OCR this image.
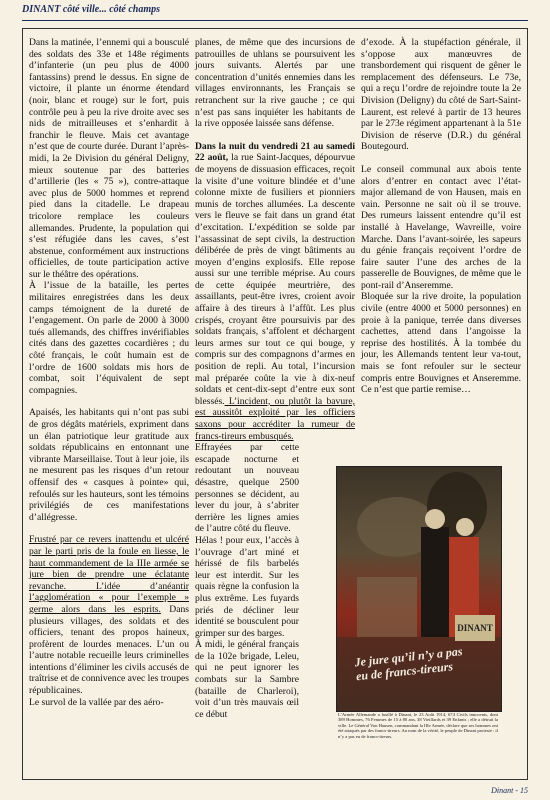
DINANT côté ville... côté champs

Dans la matinée, l’ennemi qui a bousculé des soldats des 33e et 148e régiments d’infanterie (un peu plus de 4000 fantassins) prend le dessus. En signe de victoire, il plante un énorme étendard (noir, blanc et rouge) sur le fort, puis contrôle peu à peu la rive droite avec ses nids de mitrailleuses et s’enhardit à franchir le fleuve. Mais cet avantage n’est que de courte durée. Durant l’après-midi, la 2e Division du général Deligny, mieux soutenue par des batteries d’artillerie (les « 75 »), contre-attaque avec plus de 5000 hommes et reprend pied dans la citadelle. Le drapeau tricolore remplace les couleurs allemandes. Prudente, la population qui s’est réfugiée dans les caves, s’est abstenue, conformément aux instructions officielles, de toute participation active sur le théâtre des opérations.

À l’issue de la bataille, les pertes militaires enregistrées dans les deux camps témoignent de la dureté de l’engagement. On parle de 2000 à 3000 tués allemands, des chiffres invérifiables cités dans des gazettes cocardières ; du côté français, le coût humain est de l’ordre de 1600 soldats mis hors de combat, soit l’équivalent de sept compagnies.

Apaisés, les habitants qui n’ont pas subi de gros dégâts matériels, expriment dans un élan patriotique leur gratitude aux soldats républicains en entonnant une vibrante Marseillaise. Tout à leur joie, ils ne mesurent pas les risques d’un retour offensif des « casques à pointe» qui, refoulés sur les hauteurs, sont les témoins privilégiés de ces manifestations d’allégresse.

Frustré par ce revers inattendu et ulcéré par le parti pris de la foule en liesse, le haut commandement de la IIIe armée se jure bien de prendre une éclatante revanche. L’idée d’anéantir l’agglomération « pour l’exemple » germe alors dans les esprits. Dans plusieurs villages, des soldats et des officiers, tenant des propos haineux, profèrent de lourdes menaces. L’un ou l’autre notable recueille leurs criminelles intentions d’éliminer les civils accusés de traîtrise et de connivence avec les troupes républicaines.

Le survol de la vallée par des aéro-

planes, de même que des incursions de patrouilles de uhlans se poursuivent les jours suivants. Alertés par une concentration d’unités ennemies dans les villages environnants, les Français se retranchent sur la rive gauche ; ce qui n’est pas sans inquiéter les habitants de la rive opposée laissée sans défense.

Dans la nuit du vendredi 21 au samedi 22 août, la rue Saint-Jacques, dépourvue de moyens de dissuasion efficaces, reçoit la visite d’une voiture blindée et d’une colonne mixte de fusiliers et pionniers munis de torches allumées. La descente vers le fleuve se fait dans un grand état d’excitation. L’expédition se solde par l’assassinat de sept civils, la destruction délibérée de près de vingt bâtiments au moyen d’engins explosifs. Elle repose aussi sur une terrible méprise. Au cours de cette équipée meurtrière, des assaillants, peut-être ivres, croient avoir affaire à des tireurs à l’affût. Les plus crispés, croyant être poursuivis par des soldats français, s’affolent et déchargent leurs armes sur tout ce qui bouge, y compris sur des compagnons d’armes en position de repli. Au total, l’incursion mal préparée coûte la vie à dix-neuf soldats et cent-dix-sept d’entre eux sont blessés. L’incident, ou plutôt la bavure, est aussitôt exploité par les officiers saxons pour accréditer la rumeur de francs-tireurs embusqués.

Effrayées par cette escapade nocturne et redoutant un nouveau désastre, quelque 2500 personnes se décident, au lever du jour, à s’abriter derrière les lignes amies de l’autre côté du fleuve.

Hélas ! pour eux, l’accès à l’ouvrage d’art miné et hérissé de fils barbelés leur est interdit. Sur les quais règne la confusion la plus extrême. Les fuyards priés de décliner leur identité se bousculent pour grimper sur des barges.

À midi, le général français de la 102e brigade, Leleu, qui ne peut ignorer les combats sur la Sambre (bataille de Charleroi), voit d’un très mauvais œil ce début

d’exode. À la stupéfaction générale, il s’oppose aux manœuvres de transbordement qui risquent de gêner le remplacement des défenseurs. Le 73e, qui a reçu l’ordre de rejoindre toute la 2e Division (Deligny) du côté de Sart-Saint-Laurent, est relevé à partir de 13 heures par le 273e régiment appartenant à la 51e Division de réserve (D.R.) du général Boutegourd.

Le conseil communal aux abois tente alors d’entrer en contact avec l’état-major allemand de von Hausen, mais en vain. Personne ne sait où il se trouve. Des rumeurs laissent entendre qu’il est installé à Havelange, Wavreille, voire Marche. Dans l’avant-soirée, les sapeurs du génie français reçoivent l’ordre de faire sauter l’une des arches de la passerelle de Bouvignes, de même que le pont-rail d’Anseremme.

Bloquée sur la rive droite, la population civile (entre 4000 et 5000 personnes) en proie à la panique, terrée dans diverses cachettes, attend dans l’angoisse la reprise des hostilités. À la tombée du jour, les Allemands tentent leur va-tout, mais se font refouler sur le secteur compris entre Bouvignes et Anseremme. Ce n’est que partie remise…

DINANT
Je jure qu’il n’y a pas eu de francs-tireurs
L’Armée Allemande a fusillé à Dinant, le 23 Août 1914, 674 Civils innocents, dont 389 Hommes, 76 Femmes de 15 à 80 ans, 38 Vieillards et 39 Enfants ; elle a détruit la ville. Le Général Von Hausen, commandant la IIIe Armée, déclare que ses hommes ont été attaqués par des francs-tireurs. Au nom de la vérité, le peuple de Dinant proteste : il n’y a pas eu de francs-tireurs.
Dinant - 15
